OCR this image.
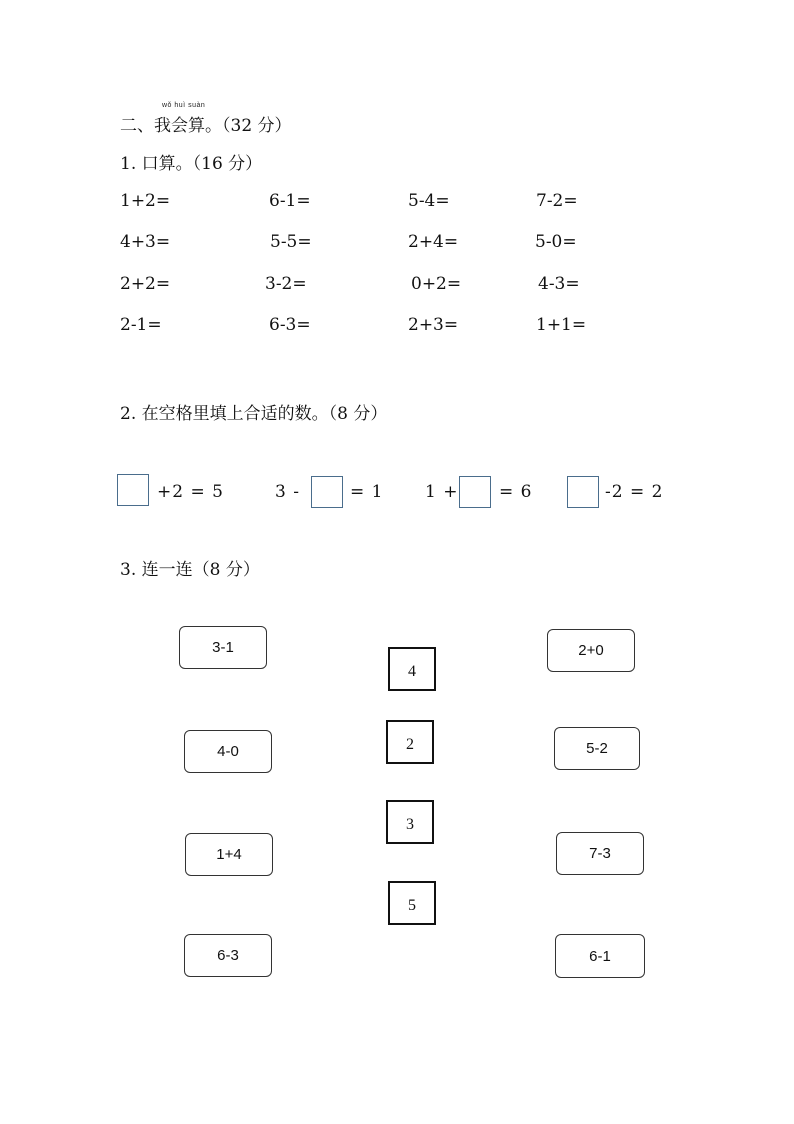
wǒ huì suàn
二、我会算。（32 分）
1. 口算。（16 分）
1+2=	6-1=	5-4=	7-2=
4+3=	5-5=	2+4=	5-0=
2+2=	3-2=	0+2=	4-3=
2-1=	6-3=	2+3=	1+1=
2. 在空格里填上合适的数。（8 分）
+2 = 5	3 -	= 1 1 + = 6	-2 = 2
3. 连一连（8 分）
3-1
4-0
1+4
6-3
4
2
3
5
2+0
5-2
7-3
6-1
